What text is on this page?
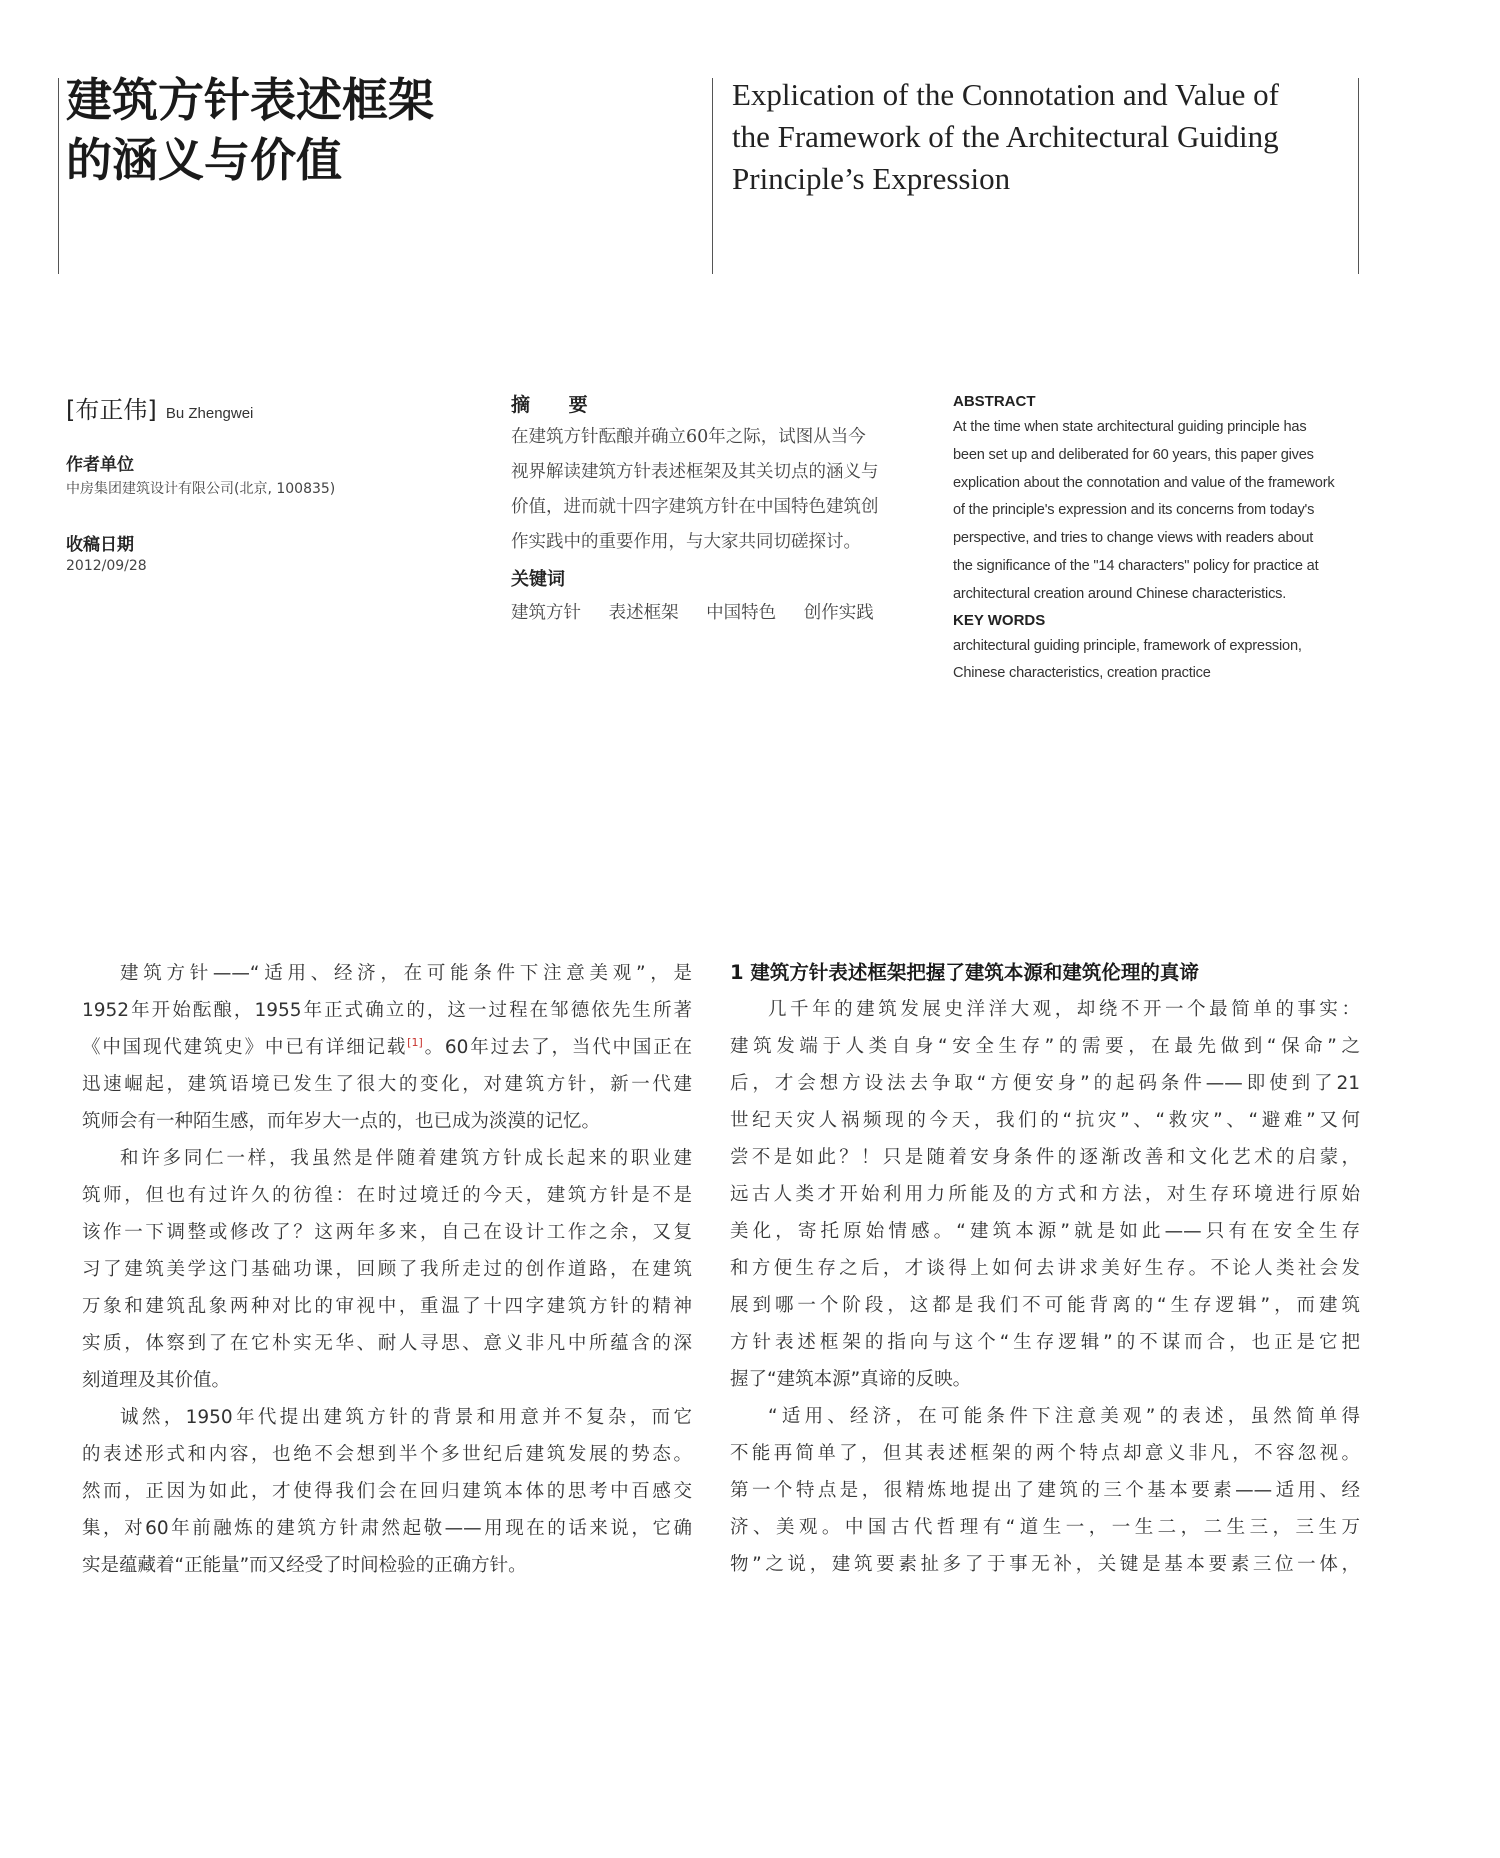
建筑方针表述框架
的涵义与价值
Explication of the Connotation and Value of
the Framework of the Architectural Guiding
Principle’s Expression
[布正伟] Bu Zhengwei
作者单位
中房集团建筑设计有限公司(北京, 100835)
收稿日期
2012/09/28
摘 要
在建筑方针酝酿并确立60年之际，试图从当今
视界解读建筑方针表述框架及其关切点的涵义与
价值，进而就十四字建筑方针在中国特色建筑创
作实践中的重要作用，与大家共同切磋探讨。
关键词
建筑方针 表述框架 中国特色 创作实践
ABSTRACT
At the time when state architectural guiding principle has
been set up and deliberated for 60 years, this paper gives
explication about the connotation and value of the framework
of the principle's expression and its concerns from today's
perspective, and tries to change views with readers about
the significance of the "14 characters" policy for practice at
architectural creation around Chinese characteristics.
KEY WORDS
architectural guiding principle, framework of expression,
Chinese characteristics, creation practice

建筑方针——“适用、经济，在可能条件下注意美观”，是
1952年开始酝酿，1955年正式确立的，这一过程在邹德依先生所著
《中国现代建筑史》中已有详细记载[1]。60年过去了，当代中国正在
迅速崛起，建筑语境已发生了很大的变化，对建筑方针，新一代建
筑师会有一种陌生感，而年岁大一点的，也已成为淡漠的记忆。

和许多同仁一样，我虽然是伴随着建筑方针成长起来的职业建
筑师，但也有过许久的彷徨：在时过境迁的今天，建筑方针是不是
该作一下调整或修改了？这两年多来，自己在设计工作之余，又复
习了建筑美学这门基础功课，回顾了我所走过的创作道路，在建筑
万象和建筑乱象两种对比的审视中，重温了十四字建筑方针的精神
实质，体察到了在它朴实无华、耐人寻思、意义非凡中所蕴含的深
刻道理及其价值。

诚然，1950年代提出建筑方针的背景和用意并不复杂，而它
的表述形式和内容，也绝不会想到半个多世纪后建筑发展的势态。
然而，正因为如此，才使得我们会在回归建筑本体的思考中百感交
集，对60年前融炼的建筑方针肃然起敬——用现在的话来说，它确
实是蕴藏着“正能量”而又经受了时间检验的正确方针。

1 建筑方针表述框架把握了建筑本源和建筑伦理的真谛

几千年的建筑发展史洋洋大观，却绕不开一个最简单的事实：
建筑发端于人类自身“安全生存”的需要，在最先做到“保命”之
后，才会想方设法去争取“方便安身”的起码条件——即使到了21
世纪天灾人祸频现的今天，我们的“抗灾”、“救灾”、“避难”又何
尝不是如此？！只是随着安身条件的逐渐改善和文化艺术的启蒙，
远古人类才开始利用力所能及的方式和方法，对生存环境进行原始
美化，寄托原始情感。“建筑本源”就是如此——只有在安全生存
和方便生存之后，才谈得上如何去讲求美好生存。不论人类社会发
展到哪一个阶段，这都是我们不可能背离的“生存逻辑”，而建筑
方针表述框架的指向与这个“生存逻辑”的不谋而合，也正是它把
握了“建筑本源”真谛的反映。

“适用、经济，在可能条件下注意美观”的表述，虽然简单得
不能再简单了，但其表述框架的两个特点却意义非凡，不容忽视。
第一个特点是，很精炼地提出了建筑的三个基本要素——适用、经
济、美观。中国古代哲理有“道生一，一生二，二生三，三生万
物”之说，建筑要素扯多了于事无补，关键是基本要素三位一体，
